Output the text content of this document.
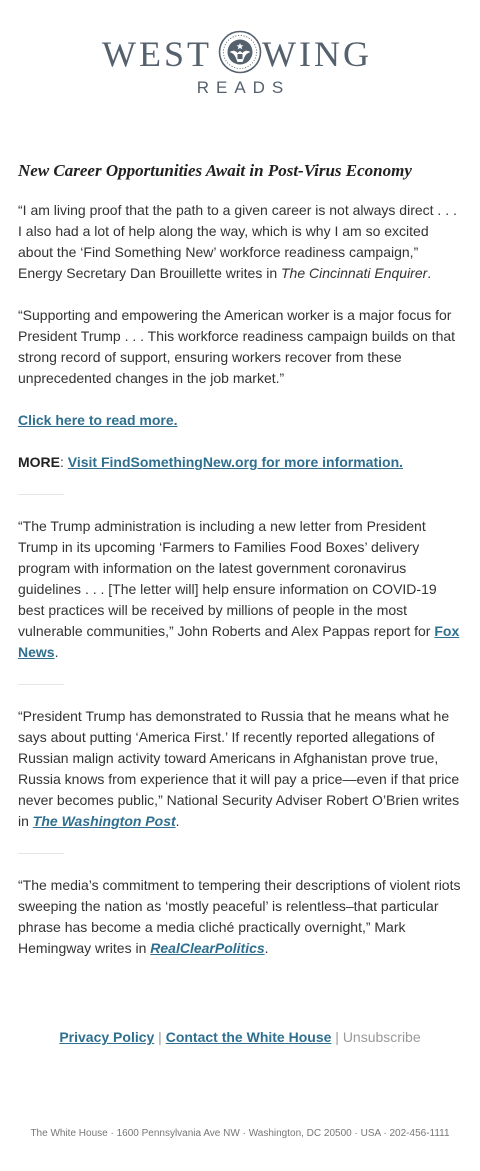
WEST WING
READS
New Career Opportunities Await in Post-Virus Economy

“I am living proof that the path to a given career is not always direct . . . I also had a lot of help along the way, which is why I am so excited about the ‘Find Something New’ workforce readiness campaign,” Energy Secretary Dan Brouillette writes in The Cincinnati Enquirer.

“Supporting and empowering the American worker is a major focus for President Trump . . . This workforce readiness campaign builds on that strong record of support, ensuring workers recover from these unprecedented changes in the job market.”

Click here to read more.

MORE: Visit FindSomethingNew.org for more information.

“The Trump administration is including a new letter from President Trump in its upcoming ‘Farmers to Families Food Boxes’ delivery program with information on the latest government coronavirus guidelines . . . [The letter will] help ensure information on COVID-19 best practices will be received by millions of people in the most vulnerable communities,” John Roberts and Alex Pappas report for Fox News.

“President Trump has demonstrated to Russia that he means what he says about putting ‘America First.’ If recently reported allegations of Russian malign activity toward Americans in Afghanistan prove true, Russia knows from experience that it will pay a price—even if that price never becomes public,” National Security Adviser Robert O’Brien writes in The Washington Post.

“The media’s commitment to tempering their descriptions of violent riots sweeping the nation as ‘mostly peaceful’ is relentless–that particular phrase has become a media cliché practically overnight,” Mark Hemingway writes in RealClearPolitics.

Privacy Policy | Contact the White House | Unsubscribe
The White House · 1600 Pennsylvania Ave NW · Washington, DC 20500 · USA · 202-456-1111
